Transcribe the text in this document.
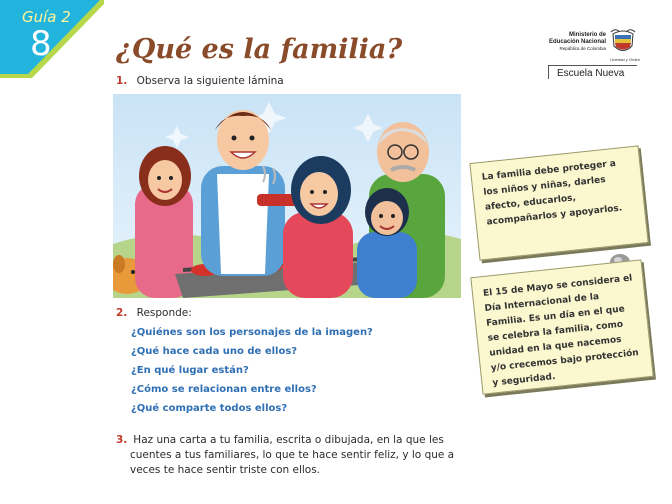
Guía 2
8 ¿Qué es la familia?	Ministerio de
Educación Nacional
República de Colombia
Libertad y Orden
Escuela Nueva
1. Observa la siguiente lámina
2. Responde:
¿Quiénes son los personajes de la imagen?
¿Qué hace cada uno de ellos?
¿En qué lugar están?
¿Cómo se relacionan entre ellos?
¿Qué comparte todos ellos?
3. Haz una carta a tu familia, escrita o dibujada, en la que les cuentes a tus familiares, lo que te hace sentir feliz, y lo que a veces te hace sentir triste con ellos.
La familia debe proteger a los niños y niñas, darles afecto, educarlos, acompañarlos y apoyarlos.
El 15 de Mayo se considera el Día Internacional de la Familia. Es un día en el que se celebra la familia, como unidad en la que nacemos y/o crecemos bajo protección y seguridad.
